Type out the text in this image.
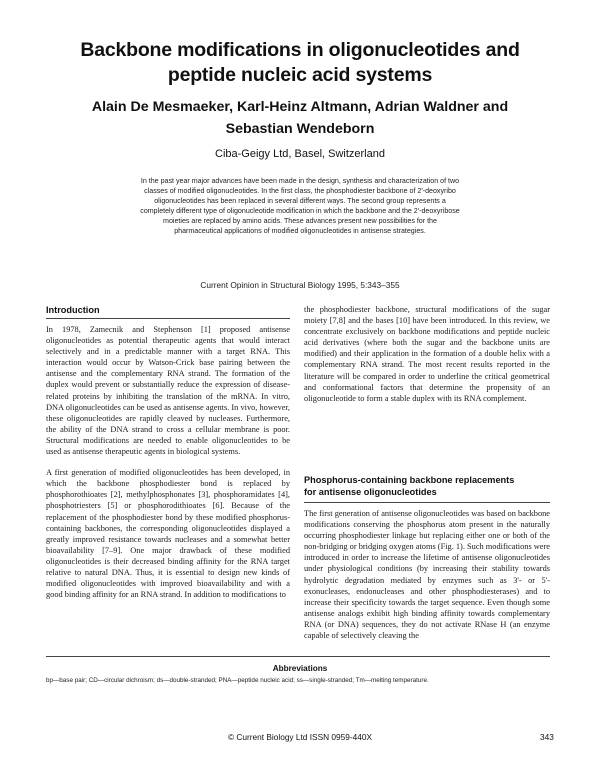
Backbone modifications in oligonucleotides and
peptide nucleic acid systems
Alain De Mesmaeker, Karl-Heinz Altmann, Adrian Waldner and
Sebastian Wendeborn
Ciba-Geigy Ltd, Basel, Switzerland
In the past year major advances have been made in the design, synthesis and characterization of two classes of modified oligonucleotides. In the first class, the phosphodiester backbone of 2'-deoxyribo oligonucleotides has been replaced in several different ways. The second group represents a completely different type of oligonucleotide modification in which the backbone and the 2'-deoxyribose moieties are replaced by amino acids. These advances present new possibilities for the pharmaceutical applications of modified oligonucleotides in antisense strategies.
Current Opinion in Structural Biology 1995, 5:343–355
Introduction

In 1978, Zamecnik and Stephenson [1] proposed antisense oligonucleotides as potential therapeutic agents that would interact selectively and in a predictable manner with a target RNA. This interaction would occur by Watson-Crick base pairing between the antisense and the complementary RNA strand. The formation of the duplex would prevent or substantially reduce the expression of disease-related proteins by inhibiting the translation of the mRNA. In vitro, DNA oligonucleotides can be used as antisense agents. In vivo, however, these oligonucleotides are rapidly cleaved by nucleases. Furthermore, the ability of the DNA strand to cross a cellular membrane is poor. Structural modifications are needed to enable oligonucleotides to be used as antisense therapeutic agents in biological systems.

A first generation of modified oligonucleotides has been developed, in which the backbone phosphodiester bond is replaced by phosphorothioates [2], methylphosphonates [3], phosphoramidates [4], phosphotriesters [5] or phosphorodithioates [6]. Because of the replacement of the phosphodiester bond by these modified phosphorus-containing backbones, the corresponding oligonucleotides displayed a greatly improved resistance towards nucleases and a somewhat better bioavailability [7–9]. One major drawback of these modified oligonucleotides is their decreased binding affinity for the RNA target relative to natural DNA. Thus, it is essential to design new kinds of modified oligonucleotides with improved bioavailability and with a good binding affinity for an RNA strand. In addition to modifications to

the phosphodiester backbone, structural modifications of the sugar moiety [7,8] and the bases [10] have been introduced. In this review, we concentrate exclusively on backbone modifications and peptide nucleic acid derivatives (where both the sugar and the backbone units are modified) and their application in the formation of a double helix with a complementary RNA strand. The most recent results reported in the literature will be compared in order to underline the critical geometrical and conformational factors that determine the propensity of an oligonucleotide to form a stable duplex with its RNA complement.

Phosphorus-containing backbone replacements
for antisense oligonucleotides

The first generation of antisense oligonucleotides was based on backbone modifications conserving the phosphorus atom present in the naturally occurring phosphodiester linkage but replacing either one or both of the non-bridging or bridging oxygen atoms (Fig. 1). Such modifications were introduced in order to increase the lifetime of antisense oligonucleotides under physiological conditions (by increasing their stability towards hydrolytic degradation mediated by enzymes such as 3'- or 5'-exonucleases, endonucleases and other phosphodiesterases) and to increase their specificity towards the target sequence. Even though some antisense analogs exhibit high binding affinity towards complementary RNA (or DNA) sequences, they do not activate RNase H (an enzyme capable of selectively cleaving the

Abbreviations
bp—base pair; CD—circular dichroism; ds—double-stranded; PNA—peptide nucleic acid; ss—single-stranded; Tm—melting temperature.
© Current Biology Ltd ISSN 0959-440X	343
